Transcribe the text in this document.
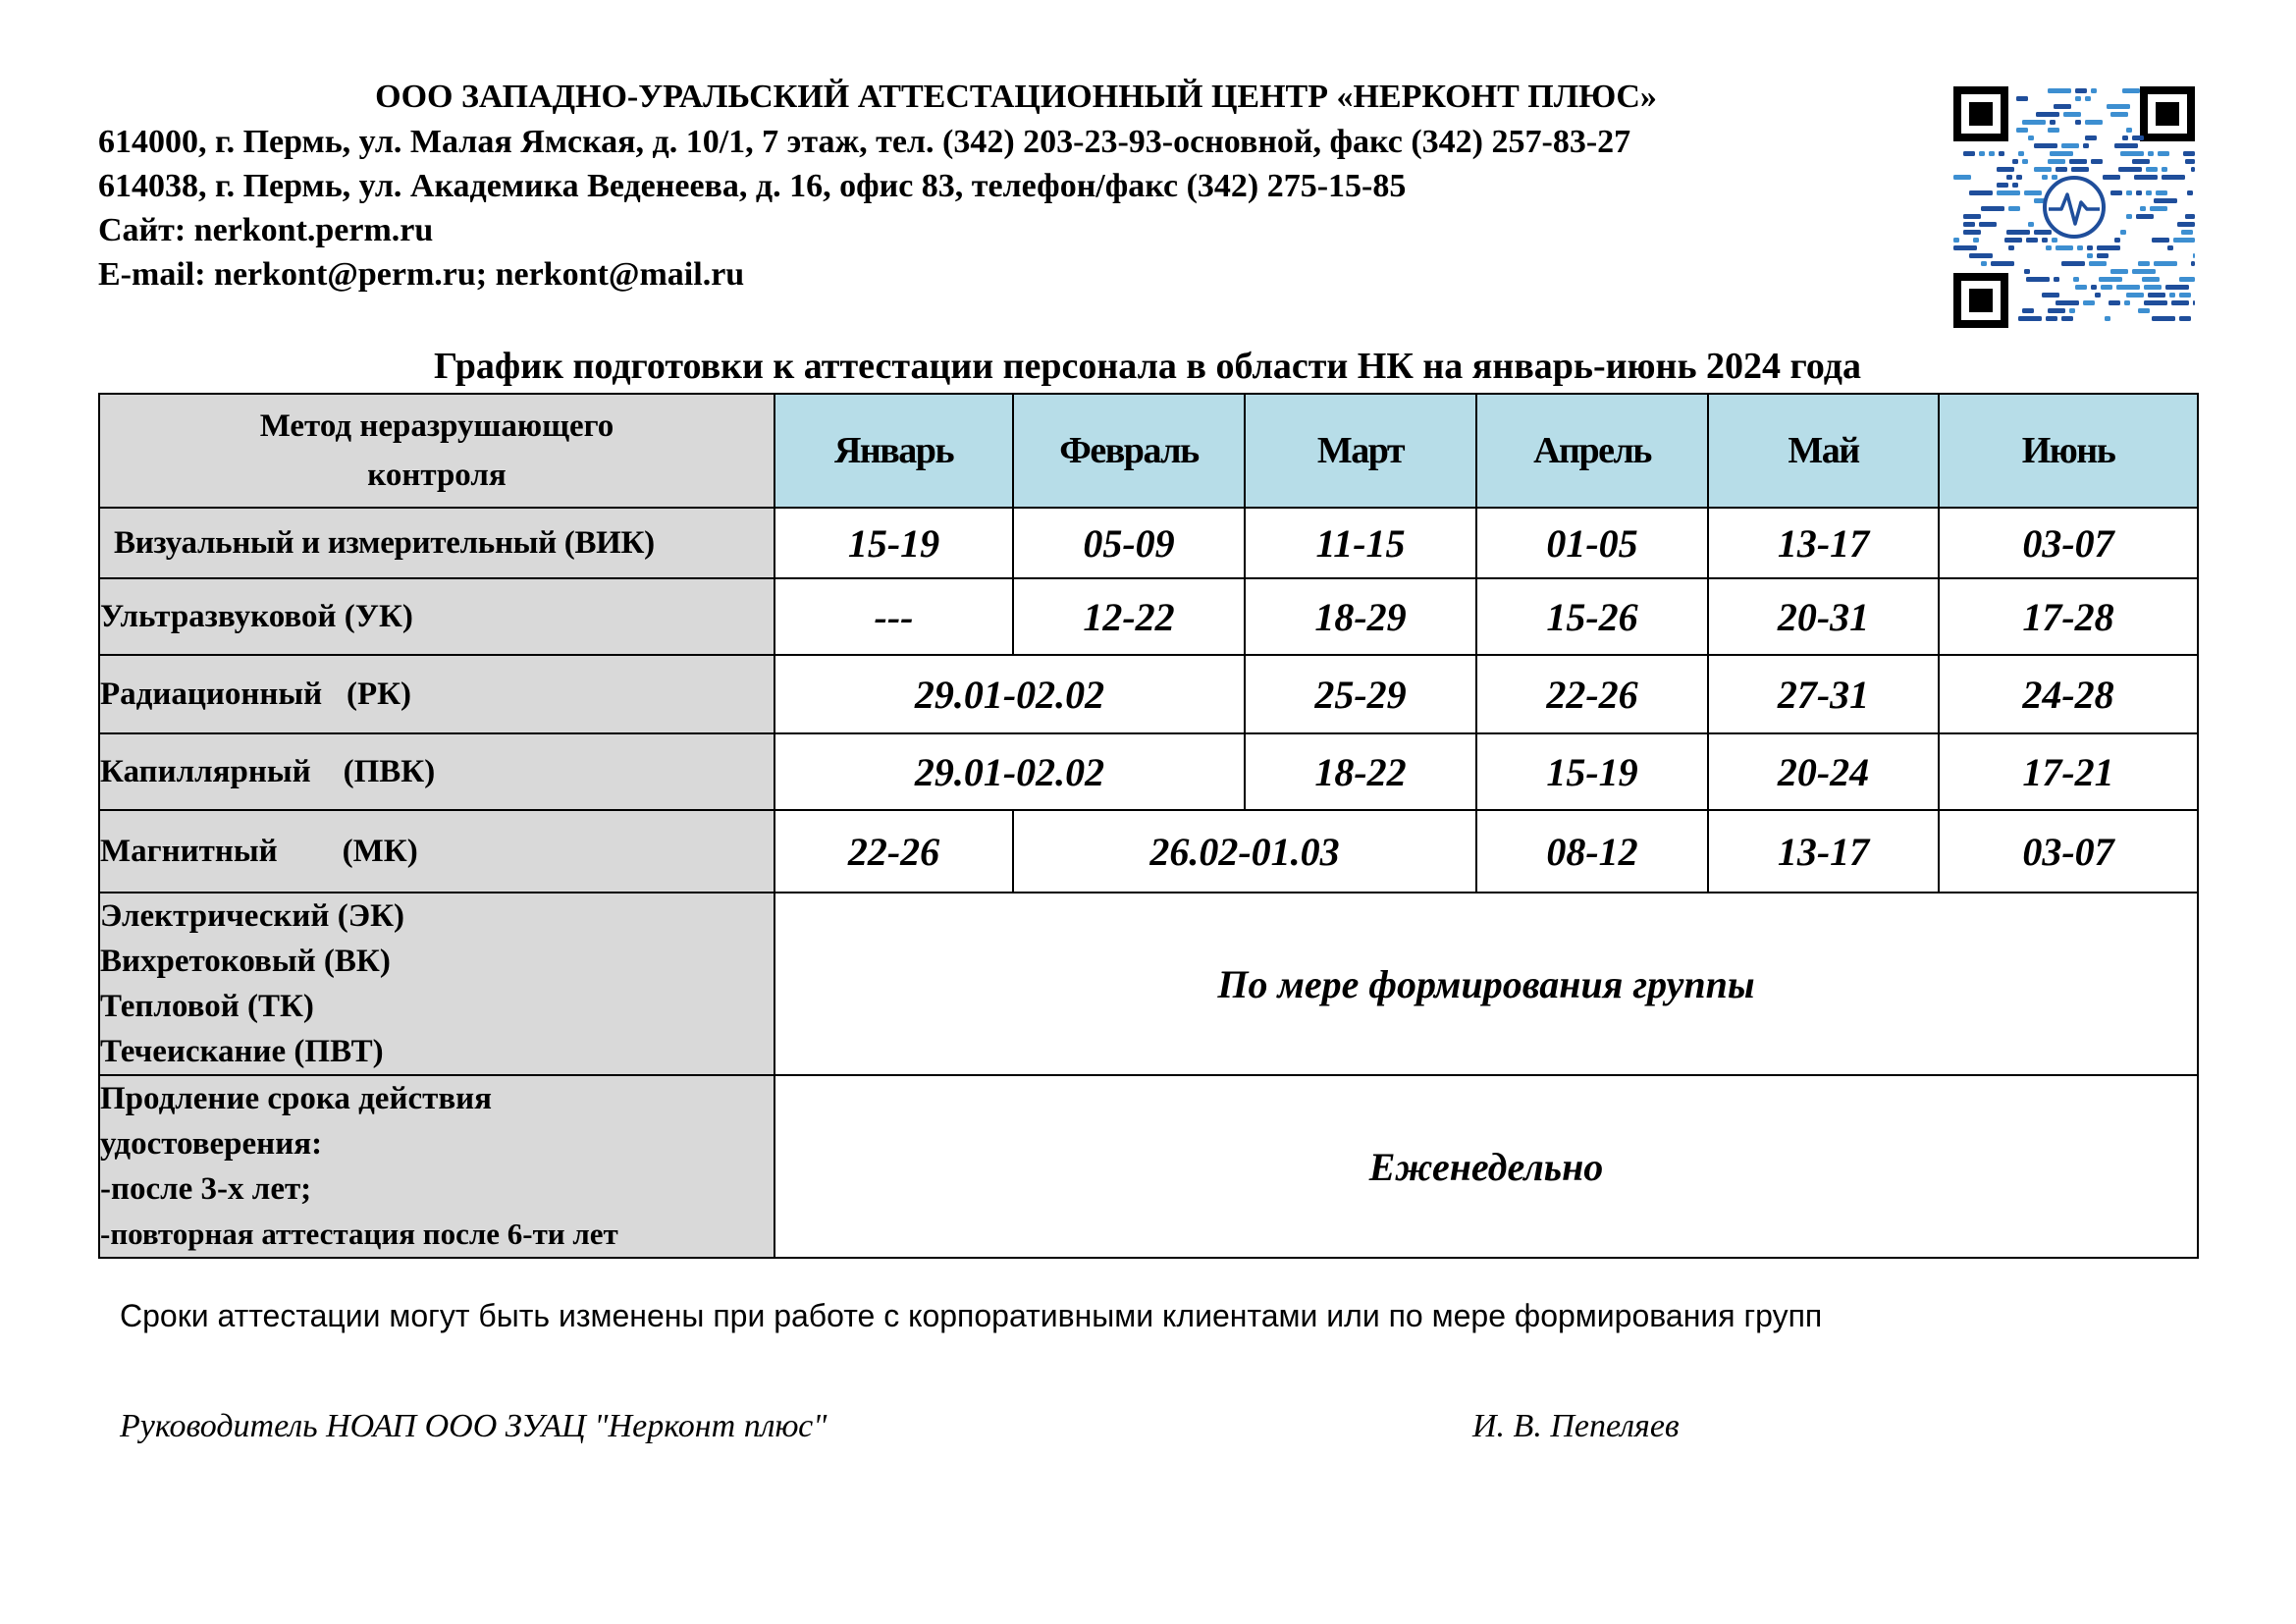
ООО ЗАПАДНО-УРАЛЬСКИЙ АТТЕСТАЦИОННЫЙ ЦЕНТР «НЕРКОНТ ПЛЮС»
614000, г. Пермь, ул. Малая Ямская, д. 10/1, 7 этаж, тел. (342) 203-23-93-основной, факс (342) 257-83-27
614038, г. Пермь, ул. Академика Веденеева, д. 16, офис 83, телефон/факс (342) 275-15-85
Сайт: nerkont.perm.ru
E-mail: nerkont@perm.ru; nerkont@mail.ru
График подготовки к аттестации персонала в области НК на январь-июнь 2024 года
Метод неразрушающего
контроля	Январь	Февраль	Март	Апрель	Май	Июнь
Визуальный и измерительный (ВИК)	15-19	05-09	11-15	01-05	13-17	03-07
Ультразвуковой (УК)	---	12-22	18-29	15-26	20-31	17-28
Радиационный   (РК)	29.01-02.02		25-29	22-26	27-31	24-28
Капиллярный    (ПВК)	29.01-02.02		18-22	15-19	20-24	17-21
Магнитный        (МК)	22-26	26.02-01.03		08-12	13-17	03-07

Электрический (ЭК)
Вихретоковый (ВК)
Тепловой (ТК)
Течеискание (ПВТ)	По мере формирования группы					

Продление срока действия
удостоверения:
-после 3-х лет;
-повторная аттестация после 6-ти лет	Еженедельно					
Сроки аттестации могут быть изменены при работе с корпоративными клиентами или по мере формирования групп
Руководитель НОАП ООО ЗУАЦ "Нерконт плюс"	И. В. Пепеляев
